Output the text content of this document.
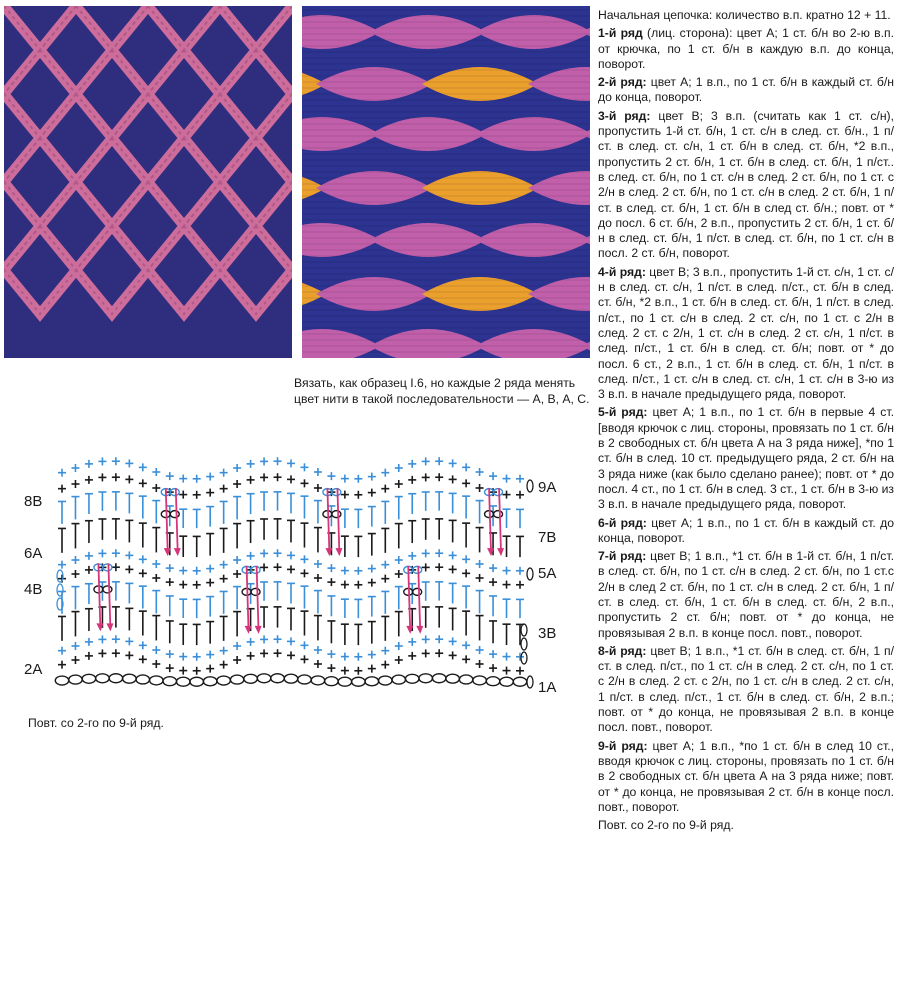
Вязать, как образец I.6, но каждые 2 ряда менять цвет нити в такой последовательности — А, В, А, С.
8B
6A
4B
2A
9A
7B
5A
3B
1A
Повт. со 2-го по 9-й ряд.

Начальная цепочка: количество в.п. кратно 12 + 11.

1-й ряд (лиц. сторона): цвет А; 1 ст. б/н во 2-ю в.п. от крючка, по 1 ст. б/н в каждую в.п. до конца, поворот.

2-й ряд: цвет А; 1 в.п., по 1 ст. б/н в каждый ст. б/н до конца, поворот.

3-й ряд: цвет В; 3 в.п. (считать как 1 ст. с/н), пропустить 1-й ст. б/н, 1 ст. с/н в след. ст. б/н., 1 п/ст. в след. ст. с/н, 1 ст. б/н в след. ст. б/н, *2 в.п., пропустить 2 ст. б/н, 1 ст. б/н в след. ст. б/н, 1 п/ст.. в след. ст. б/н, по 1 ст. с/н в след. 2 ст. б/н, по 1 ст. с 2/н в след. 2 ст. б/н, по 1 ст. с/н в след. 2 ст. б/н, 1 п/ст. в след. ст. б/н, 1 ст. б/н в след ст. б/н.; повт. от * до посл. 6 ст. б/н, 2 в.п., пропустить 2 ст. б/н, 1 ст. б/н в след. ст. б/н, 1 п/ст. в след. ст. б/н, по 1 ст. с/н в посл. 2 ст. б/н, поворот.

4-й ряд: цвет В; 3 в.п., пропустить 1-й ст. с/н, 1 ст. с/н в след. ст. с/н, 1 п/ст. в след. п/ст., ст. б/н в след. ст. б/н, *2 в.п., 1 ст. б/н в след. ст. б/н, 1 п/ст. в след. п/ст., по 1 ст. с/н в след. 2 ст. с/н, по 1 ст. с 2/н в след. 2 ст. с 2/н, 1 ст. с/н в след. 2 ст. с/н, 1 п/ст. в след. п/ст., 1 ст. б/н в след. ст. б/н; повт. от * до посл. 6 ст., 2 в.п., 1 ст. б/н в след. ст. б/н, 1 п/ст. в след. п/ст., 1 ст. с/н в след. ст. с/н, 1 ст. с/н в 3-ю из 3 в.п. в начале предыдущего ряда, поворот.

5-й ряд: цвет А; 1 в.п., по 1 ст. б/н в первые 4 ст. [вводя крючок с лиц. стороны, провязать по 1 ст. б/н в 2 свободных ст. б/н цвета А на 3 ряда ниже], *по 1 ст. б/н в след. 10 ст. предыдущего ряда, 2 ст. б/н на 3 ряда ниже (как было сделано ранее); повт. от * до посл. 4 ст., по 1 ст. б/н в след. 3 ст., 1 ст. б/н в 3-ю из 3 в.п. в начале предыдущего ряда, поворот.

6-й ряд: цвет А; 1 в.п., по 1 ст. б/н в каждый ст. до конца, поворот.

7-й ряд: цвет В; 1 в.п., *1 ст. б/н в 1-й ст. б/н, 1 п/ст. в след. ст. б/н, по 1 ст. с/н в след. 2 ст. б/н, по 1 ст.с 2/н в след 2 ст. б/н, по 1 ст. с/н в след. 2 ст. б/н, 1 п/ст. в след. ст. б/н, 1 ст. б/н в след. ст. б/н, 2 в.п., пропустить 2 ст. б/н; повт. от * до конца, не провязывая 2 в.п. в конце посл. повт., поворот.

8-й ряд: цвет В; 1 в.п., *1 ст. б/н в след. ст. б/н, 1 п/ст. в след. п/ст., по 1 ст. с/н в след. 2 ст. с/н, по 1 ст. с 2/н в след. 2 ст. с 2/н, по 1 ст. с/н в след. 2 ст. с/н, 1 п/ст. в след. п/ст., 1 ст. б/н в след. ст. б/н, 2 в.п.; повт. от * до конца, не провязывая 2 в.п. в конце посл. повт., поворот.

9-й ряд: цвет А; 1 в.п., *по 1 ст. б/н в след 10 ст., вводя крючок с лиц. стороны, провязать по 1 ст. б/н в 2 свободных ст. б/н цвета А на 3 ряда ниже; повт. от * до конца, не провязывая 2 ст. б/н в конце посл. повт., поворот.

Повт. со 2-го по 9-й ряд.
